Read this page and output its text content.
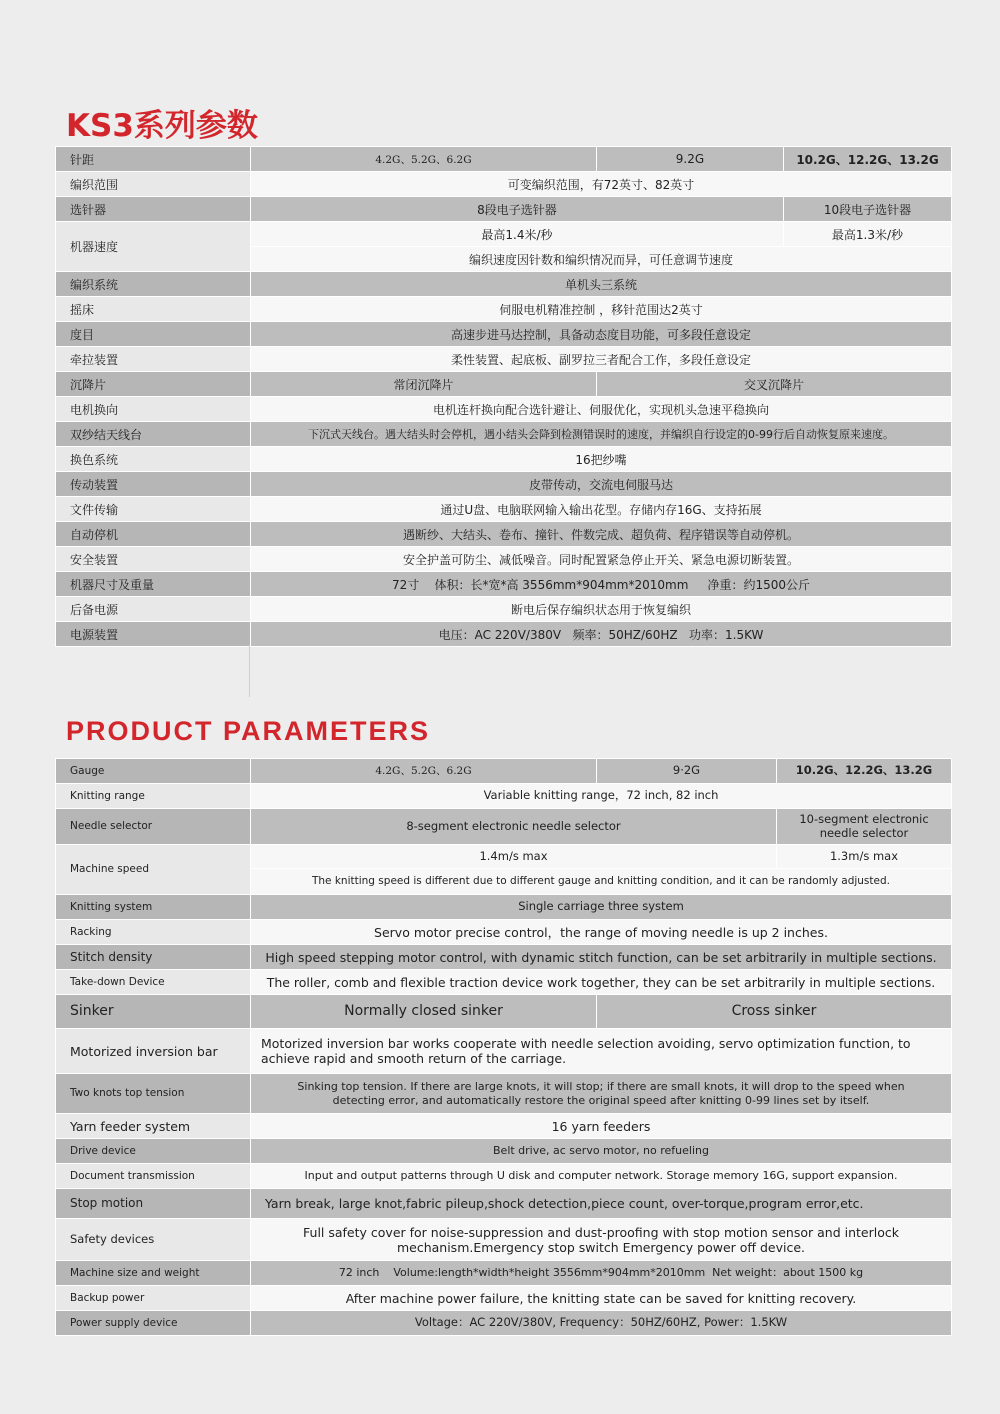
KS3系列参数
针距	4.2G、5.2G、6.2G	9.2G	10.2G、12.2G、13.2G
编织范围	可变编织范围，有72英寸、82英寸		
选针器	8段电子选针器		10段电子选针器
机器速度	最高1.4米/秒		最高1.3米/秒
	编织速度因针数和编织情况而异，可任意调节速度		
编织系统	单机头三系统		
摇床	伺服电机精准控制 ，移针范围达2英寸		
度目	高速步进马达控制，具备动态度目功能，可多段任意设定		
牵拉装置	柔性装置、起底板、副罗拉三者配合工作，多段任意设定		
沉降片	常闭沉降片	交叉沉降片	
电机换向	电机连杆换向配合选针避让、伺服优化，实现机头急速平稳换向		
双纱结天线台	下沉式天线台。遇大结头时会停机，遇小结头会降到检测错误时的速度，并编织自行设定的0-99行后自动恢复原来速度。		
换色系统	16把纱嘴		
传动装置	皮带传动，交流电伺服马达		
文件传输	通过U盘、电脑联网输入输出花型。存储内存16G、支持拓展		
自动停机	遇断纱、大结头、卷布、撞针、件数完成、超负荷、程序错误等自动停机。		
安全装置	安全护盖可防尘、减低噪音。同时配置紧急停止开关、紧急电源切断装置。		
机器尺寸及重量	72寸    体积：长*宽*高 3556mm*904mm*2010mm     净重：约1500公斤		
后备电源	断电后保存编织状态用于恢复编织		
电源装置	电压：AC 220V/380V   频率：50HZ/60HZ   功率：1.5KW		
PRODUCT PARAMETERS
Gauge	4.2G、5.2G、6.2G	9·2G	10.2G、12.2G、13.2G
Knitting range	Variable knitting range，72 inch, 82 inch		
Needle selector	8-segment electronic needle selector		10-segment electronic needle selector
Machine speed	1.4m/s max		1.3m/s max
	The knitting speed is different due to different gauge and knitting condition, and it can be randomly adjusted.		
Knitting system	Single carriage three system		
Racking	Servo motor precise control，the range of moving needle is up 2 inches.		
Stitch density	High speed stepping motor control, with dynamic stitch function, can be set arbitrarily in multiple sections.		
Take-down Device	The roller, comb and flexible traction device work together, they can be set arbitrarily in multiple sections.		
Sinker	Normally closed sinker	Cross sinker	
Motorized inversion bar	Motorized inversion bar works cooperate with needle selection avoiding, servo optimization function, to achieve rapid and smooth return of the carriage.		
Two knots top tension	Sinking top tension. If there are large knots, it will stop; if there are small knots, it will drop to the speed when detecting error, and automatically restore the original speed after knitting 0-99 lines set by itself.		
Yarn feeder system	16 yarn feeders		
Drive device	Belt drive, ac servo motor, no refueling		
Document transmission	Input and output patterns through U disk and computer network. Storage memory 16G, support expansion.		
Stop motion	Yarn break, large knot,fabric pileup,shock detection,piece count, over-torque,program error,etc.		
Safety devices	Full safety cover for noise-suppression and dust-proofing with stop motion sensor and interlock mechanism.Emergency stop switch Emergency power off device.		
Machine size and weight	72 inch    Volume:length*width*height 3556mm*904mm*2010mm  Net weight：about 1500 kg		
Backup power	After machine power failure, the knitting state can be saved for knitting recovery.		
Power supply device	Voltage：AC 220V/380V, Frequency：50HZ/60HZ, Power：1.5KW		
